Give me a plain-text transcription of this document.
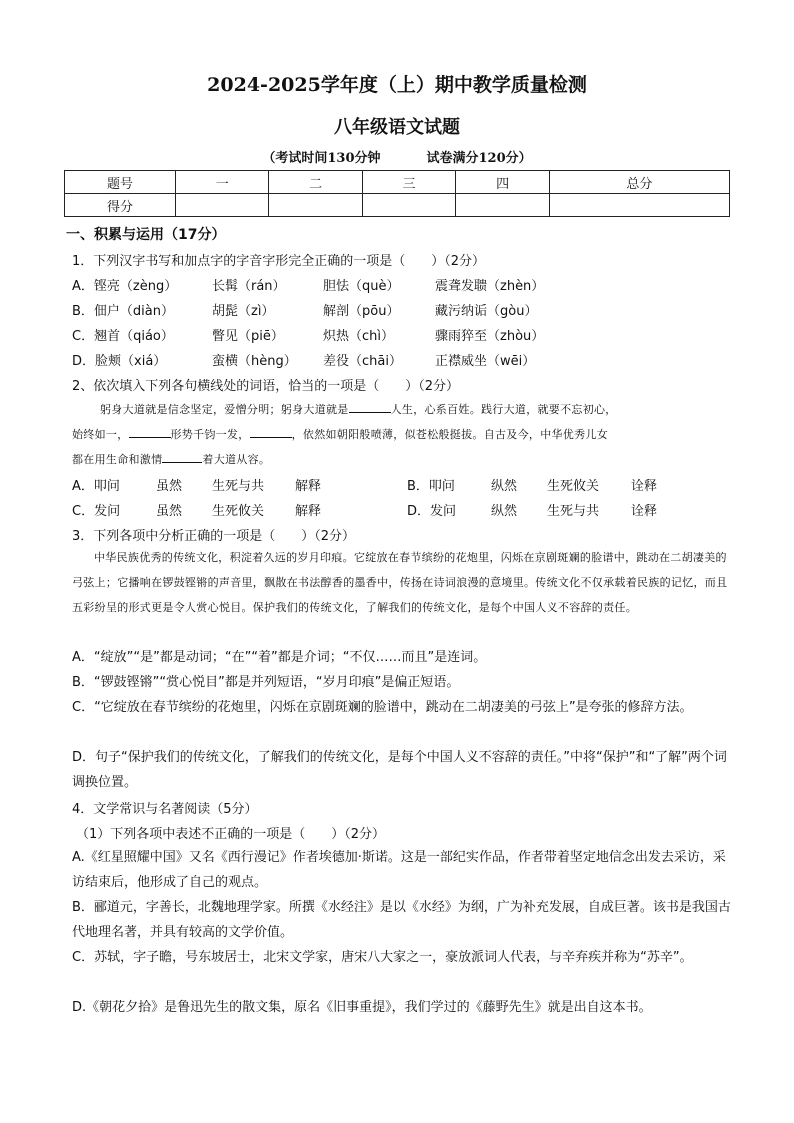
2024-2025学年度（上）期中教学质量检测
八年级语文试题
（考试时间130分钟	试卷满分120分）
题号	一	二	三	四	总分
得分					
一、积累与运用（17分）
1．下列汉字书写和加点字的字音字形完全正确的一项是（　　）（2分）
A．铿亮（zèng）	长髯（rán）	胆怯（què）	震聋发聩（zhèn）
B．佃户（diàn）	胡髭（zì）	解剖（pōu）	藏污纳诟（gòu）
C．翘首（qiáo）	瞥见（piē）	炽热（chì）	骤雨猝至（zhòu）
D．脸颊（xiá）	蛮横（hèng） 差役（chāi）	正襟威坐（wēi）
2、依次填入下列各句横线处的词语，恰当的一项是（　　）（2分）
躬身大道就是信念坚定，爱憎分明；躬身大道就是	人生，心系百姓。践行大道，就要不忘初心，
始终如一，	形势千钧一发，	，依然如朝阳般喷薄，似苍松般挺拔。自古及今，中华优秀儿女
都在用生命和激情	着大道从容。
A．叩问	虽然 生死与共 解释	B．叩问	纵然 生死攸关 诠释
C．发问	虽然 生死攸关 解释	D．发问	纵然 生死与共 诠释
3．下列各项中分析正确的一项是（　　）（2分）
中华民族优秀的传统文化，积淀着久远的岁月印痕。它绽放在春节缤纷的花炮里，闪烁在京剧斑斓的脸谱中，跳动在二胡凄美的弓弦上；它播响在锣鼓铿锵的声音里，飘散在书法醇香的墨香中，传扬在诗词浪漫的意境里。传统文化不仅承载着民族的记忆，而且五彩纷呈的形式更是令人赏心悦目。保护我们的传统文化，了解我们的传统文化，是每个中国人义不容辞的责任。
A．“绽放”“是”都是动词；“在”“着”都是介词；“不仅……而且”是连词。
B．“锣鼓铿锵”“赏心悦目”都是并列短语，“岁月印痕”是偏正短语。
C．“它绽放在春节缤纷的花炮里，闪烁在京剧斑斓的脸谱中，跳动在二胡凄美的弓弦上”是夸张的修辞方法。
D．句子“保护我们的传统文化，了解我们的传统文化，是每个中国人义不容辞的责任。”中将“保护”和“了解”两个词调换位置。
4．文学常识与名著阅读（5分）
（1）下列各项中表述不正确的一项是（　　）（2分）
A.《红星照耀中国》又名《西行漫记》作者埃德加·斯诺。这是一部纪实作品，作者带着坚定地信念出发去采访，采访结束后，他形成了自己的观点。
B．郦道元，字善长，北魏地理学家。所撰《水经注》是以《水经》为纲，广为补充发展，自成巨著。该书是我国古代地理名著，并具有较高的文学价值。
C．苏轼，字子瞻，号东坡居士，北宋文学家，唐宋八大家之一，豪放派词人代表，与辛弃疾并称为“苏辛”。
D.《朝花夕拾》是鲁迅先生的散文集，原名《旧事重提》，我们学过的《藤野先生》就是出自这本书。
